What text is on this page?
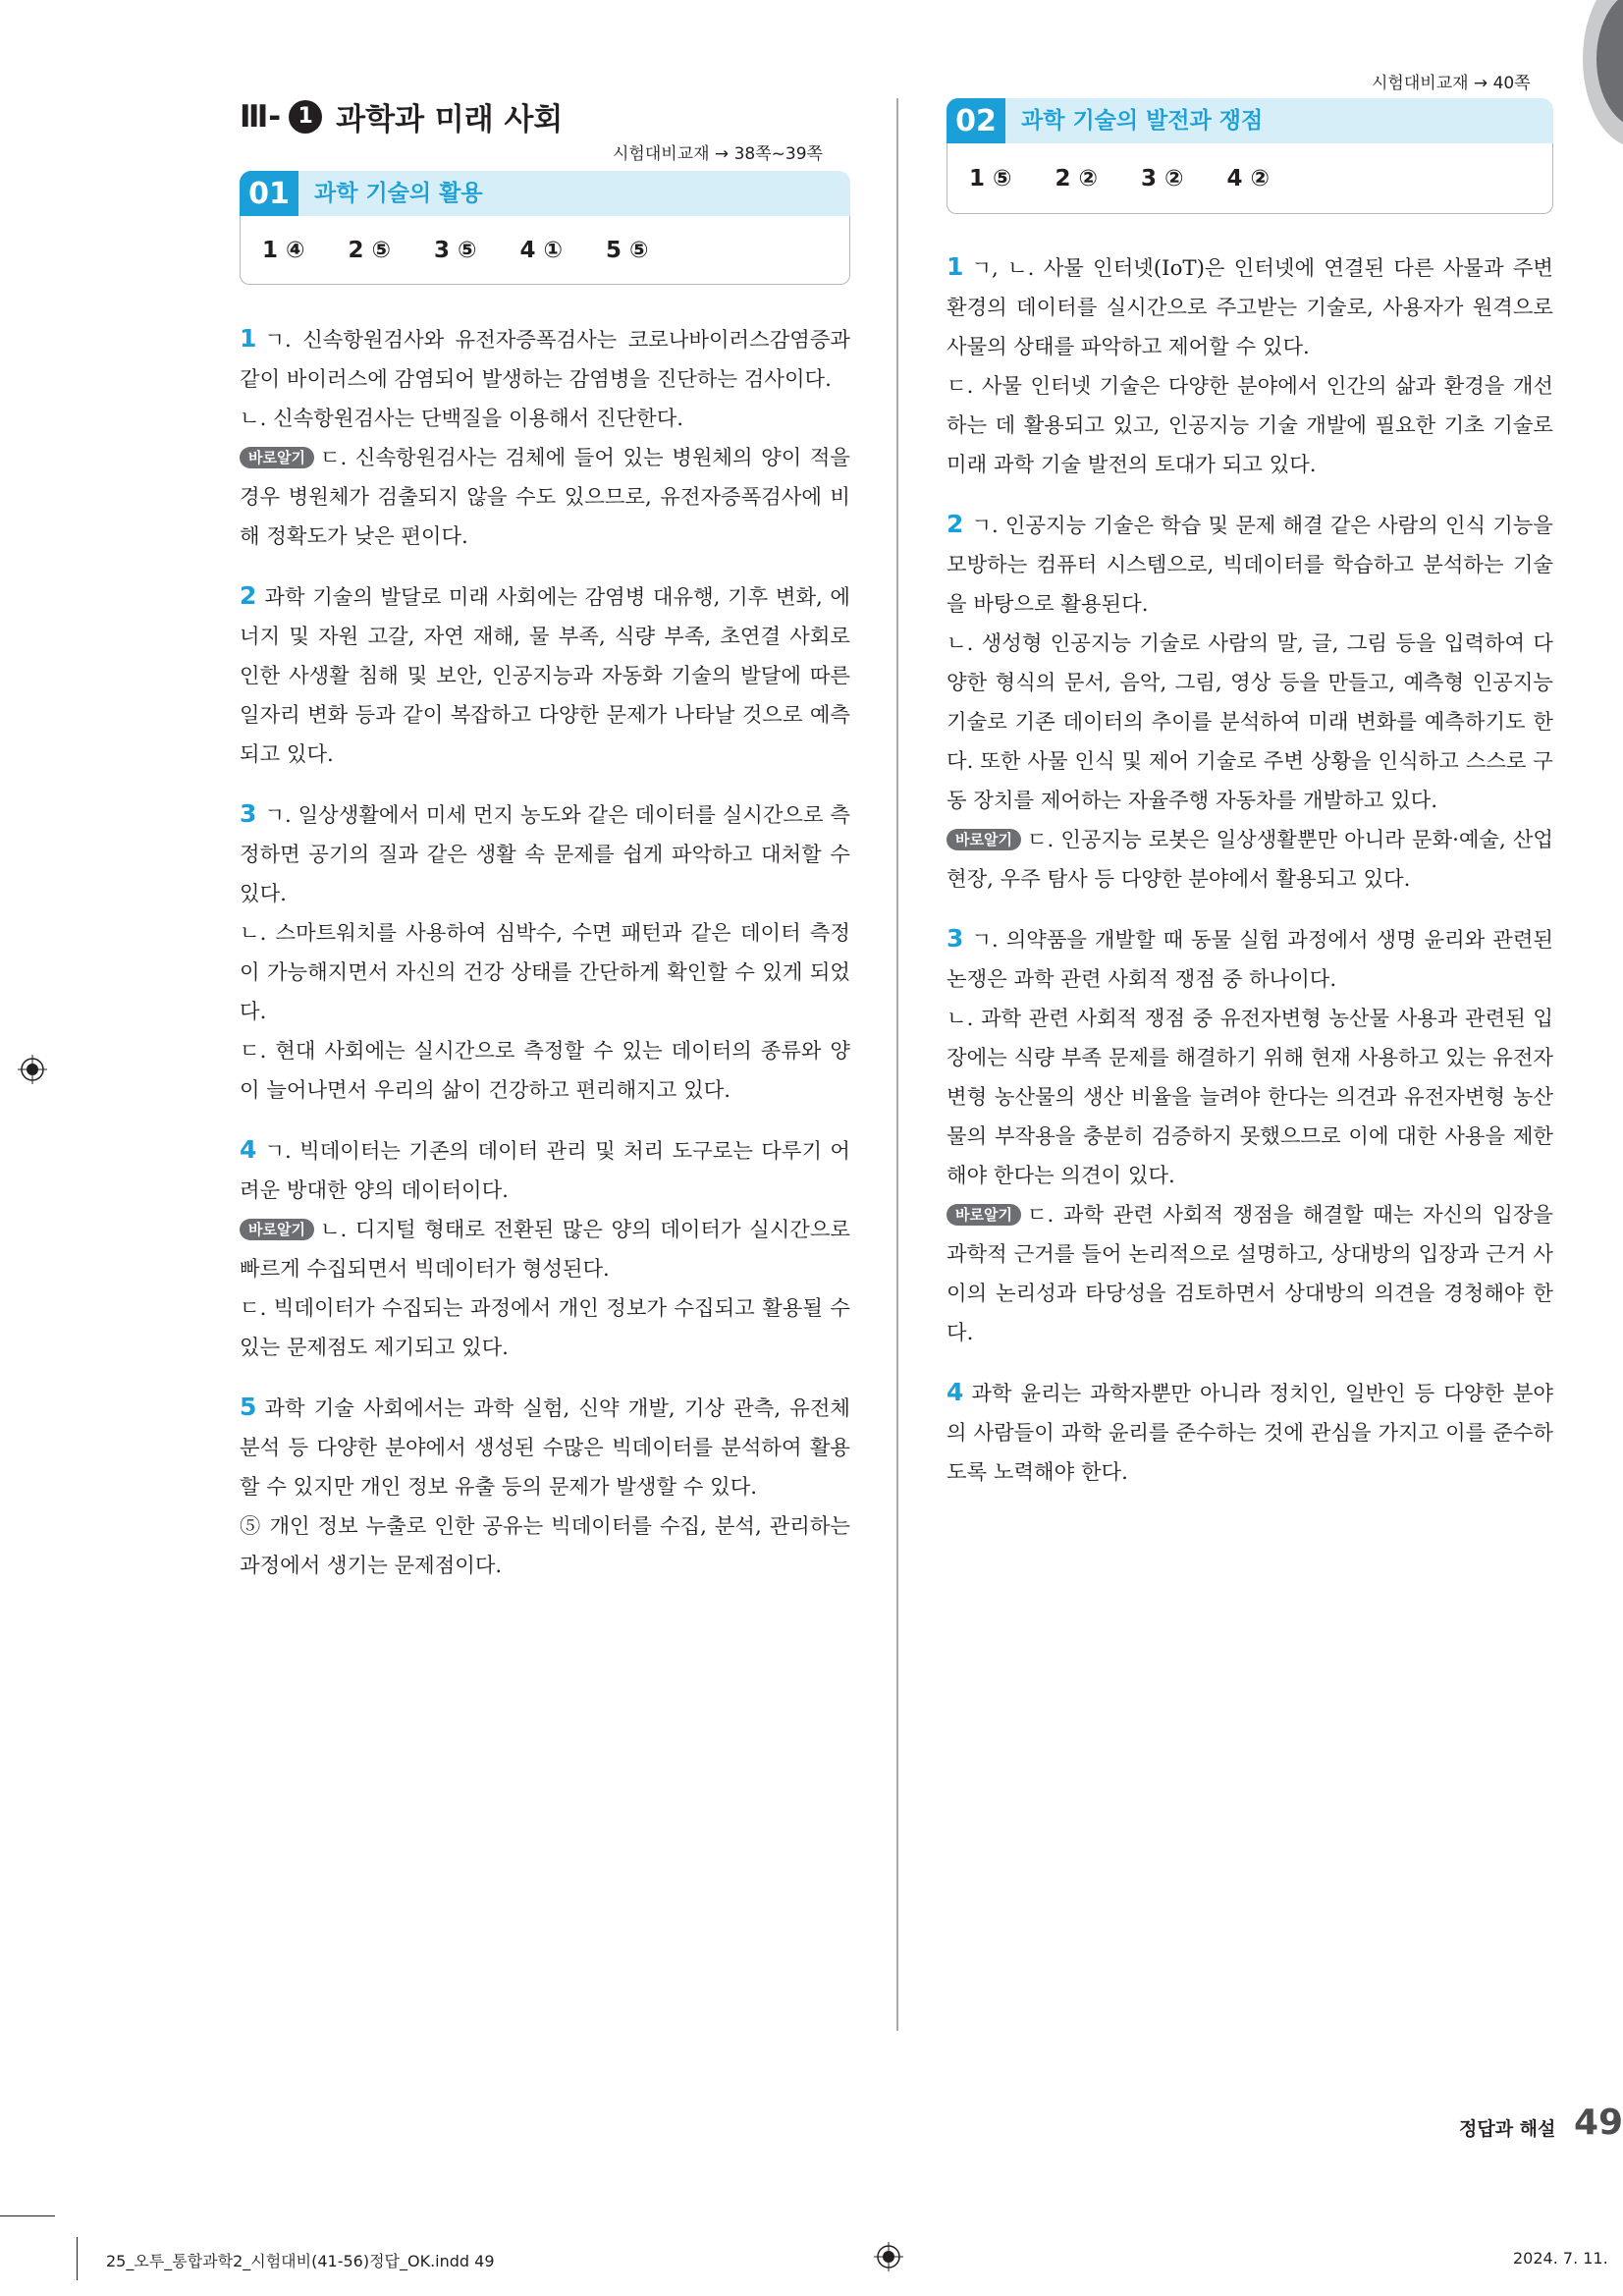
Ⅲ- 1 과학과 미래 사회
시험대비교재 → 38쪽~39쪽
시험대비교재 → 40쪽
01	과학 기술의 활용
1 ④ 2 ⑤ 3 ⑤ 4 ① 5 ⑤
02	과학 기술의 발전과 쟁점
1 ⑤ 2 ② 3 ② 4 ②

1 ㄱ. 신속항원검사와 유전자증폭검사는 코로나바이러스감염증과 같이 바이러스에 감염되어 발생하는 감염병을 진단하는 검사이다.

ㄴ. 신속항원검사는 단백질을 이용해서 진단한다.

바로알기 ㄷ. 신속항원검사는 검체에 들어 있는 병원체의 양이 적을 경우 병원체가 검출되지 않을 수도 있으므로, 유전자증폭검사에 비해 정확도가 낮은 편이다.

2 과학 기술의 발달로 미래 사회에는 감염병 대유행, 기후 변화, 에너지 및 자원 고갈, 자연 재해, 물 부족, 식량 부족, 초연결 사회로 인한 사생활 침해 및 보안, 인공지능과 자동화 기술의 발달에 따른 일자리 변화 등과 같이 복잡하고 다양한 문제가 나타날 것으로 예측되고 있다.

3 ㄱ. 일상생활에서 미세 먼지 농도와 같은 데이터를 실시간으로 측정하면 공기의 질과 같은 생활 속 문제를 쉽게 파악하고 대처할 수 있다.

ㄴ. 스마트워치를 사용하여 심박수, 수면 패턴과 같은 데이터 측정이 가능해지면서 자신의 건강 상태를 간단하게 확인할 수 있게 되었다.

ㄷ. 현대 사회에는 실시간으로 측정할 수 있는 데이터의 종류와 양이 늘어나면서 우리의 삶이 건강하고 편리해지고 있다.

4 ㄱ. 빅데이터는 기존의 데이터 관리 및 처리 도구로는 다루기 어려운 방대한 양의 데이터이다.

바로알기 ㄴ. 디지털 형태로 전환된 많은 양의 데이터가 실시간으로 빠르게 수집되면서 빅데이터가 형성된다.

ㄷ. 빅데이터가 수집되는 과정에서 개인 정보가 수집되고 활용될 수 있는 문제점도 제기되고 있다.

5 과학 기술 사회에서는 과학 실험, 신약 개발, 기상 관측, 유전체 분석 등 다양한 분야에서 생성된 수많은 빅데이터를 분석하여 활용할 수 있지만 개인 정보 유출 등의 문제가 발생할 수 있다.

⑤ 개인 정보 누출로 인한 공유는 빅데이터를 수집, 분석, 관리하는 과정에서 생기는 문제점이다.

1 ㄱ, ㄴ. 사물 인터넷(IoT)은 인터넷에 연결된 다른 사물과 주변 환경의 데이터를 실시간으로 주고받는 기술로, 사용자가 원격으로 사물의 상태를 파악하고 제어할 수 있다.

ㄷ. 사물 인터넷 기술은 다양한 분야에서 인간의 삶과 환경을 개선하는 데 활용되고 있고, 인공지능 기술 개발에 필요한 기초 기술로 미래 과학 기술 발전의 토대가 되고 있다.

2 ㄱ. 인공지능 기술은 학습 및 문제 해결 같은 사람의 인식 기능을 모방하는 컴퓨터 시스템으로, 빅데이터를 학습하고 분석하는 기술을 바탕으로 활용된다.

ㄴ. 생성형 인공지능 기술로 사람의 말, 글, 그림 등을 입력하여 다양한 형식의 문서, 음악, 그림, 영상 등을 만들고, 예측형 인공지능 기술로 기존 데이터의 추이를 분석하여 미래 변화를 예측하기도 한다. 또한 사물 인식 및 제어 기술로 주변 상황을 인식하고 스스로 구동 장치를 제어하는 자율주행 자동차를 개발하고 있다.

바로알기 ㄷ. 인공지능 로봇은 일상생활뿐만 아니라 문화·예술, 산업 현장, 우주 탐사 등 다양한 분야에서 활용되고 있다.

3 ㄱ. 의약품을 개발할 때 동물 실험 과정에서 생명 윤리와 관련된 논쟁은 과학 관련 사회적 쟁점 중 하나이다.

ㄴ. 과학 관련 사회적 쟁점 중 유전자변형 농산물 사용과 관련된 입장에는 식량 부족 문제를 해결하기 위해 현재 사용하고 있는 유전자변형 농산물의 생산 비율을 늘려야 한다는 의견과 유전자변형 농산물의 부작용을 충분히 검증하지 못했으므로 이에 대한 사용을 제한해야 한다는 의견이 있다.

바로알기 ㄷ. 과학 관련 사회적 쟁점을 해결할 때는 자신의 입장을 과학적 근거를 들어 논리적으로 설명하고, 상대방의 입장과 근거 사이의 논리성과 타당성을 검토하면서 상대방의 의견을 경청해야 한다.

4 과학 윤리는 과학자뿐만 아니라 정치인, 일반인 등 다양한 분야의 사람들이 과학 윤리를 준수하는 것에 관심을 가지고 이를 준수하도록 노력해야 한다.

정답과 해설 49
25_오투_통합과학2_시험대비(41-56)정답_OK.indd 49	2024. 7. 11.
